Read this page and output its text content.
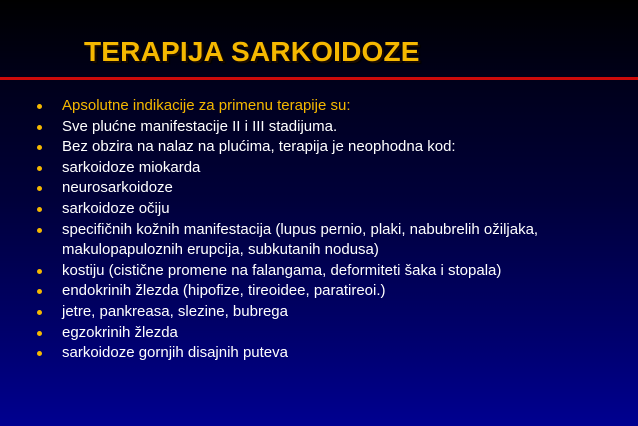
TERAPIJA SARKOIDOZE
Apsolutne indikacije za primenu terapije su:
Sve plućne manifestacije II i III stadijuma.
Bez obzira na nalaz na plućima, terapija je neophodna kod:
sarkoidoze miokarda
neurosarkoidoze
sarkoidoze očiju
specifičnih kožnih manifestacija (lupus pernio, plaki, nabubrelih ožiljaka, makulopapuloznih erupcija, subkutanih nodusa)
kostiju (cistične promene na falangama, deformiteti šaka i stopala)
endokrinih žlezda (hipofize, tireoidee, paratireoi.)
jetre, pankreasa, slezine, bubrega
egzokrinih žlezda
sarkoidoze gornjih disajnih puteva
